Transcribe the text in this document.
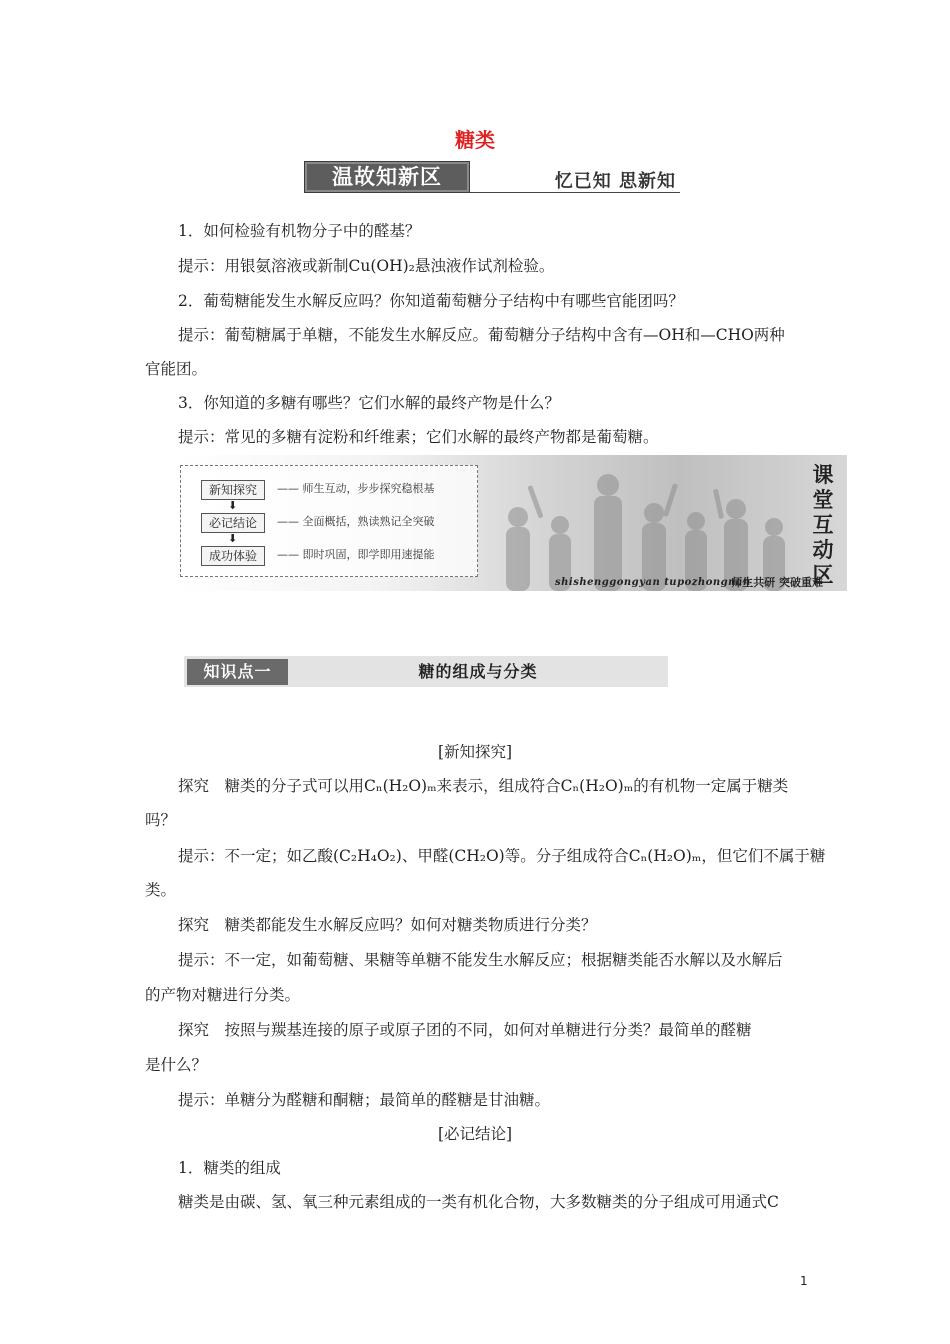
糖类
温故知新区	忆已知 思新知
1．如何检验有机物分子中的醛基？
提示：用银氨溶液或新制Cu(OH)₂悬浊液作试剂检验。
2．葡萄糖能发生水解反应吗？你知道葡萄糖分子结构中有哪些官能团吗？
提示：葡萄糖属于单糖，不能发生水解反应。葡萄糖分子结构中含有—OH和—CHO两种
官能团。
3．你知道的多糖有哪些？它们水解的最终产物是什么？
提示：常见的多糖有淀粉和纤维素；它们水解的最终产物都是葡萄糖。
新知探究	—— 师生互动，步步探究稳根基
⬇
必记结论	—— 全面概括，熟读熟记全突破
⬇
成功体验	—— 即时巩固，即学即用速提能
课
堂
互
动
区
shishenggongyan tupozhongnan
师生共研 突破重难
知识点一	糖的组成与分类
[新知探究]
探究　糖类的分子式可以用Cₙ(H₂O)ₘ来表示，组成符合Cₙ(H₂O)ₘ的有机物一定属于糖类
吗？
提示：不一定；如乙酸(C₂H₄O₂)、甲醛(CH₂O)等。分子组成符合Cₙ(H₂O)ₘ，但它们不属于糖
类。
探究　糖类都能发生水解反应吗？如何对糖类物质进行分类？
提示：不一定，如葡萄糖、果糖等单糖不能发生水解反应；根据糖类能否水解以及水解后
的产物对糖进行分类。
探究　按照与羰基连接的原子或原子团的不同，如何对单糖进行分类？最简单的醛糖
是什么？
提示：单糖分为醛糖和酮糖；最简单的醛糖是甘油糖。
[必记结论]
1．糖类的组成
糖类是由碳、氢、氧三种元素组成的一类有机化合物，大多数糖类的分子组成可用通式C
1
